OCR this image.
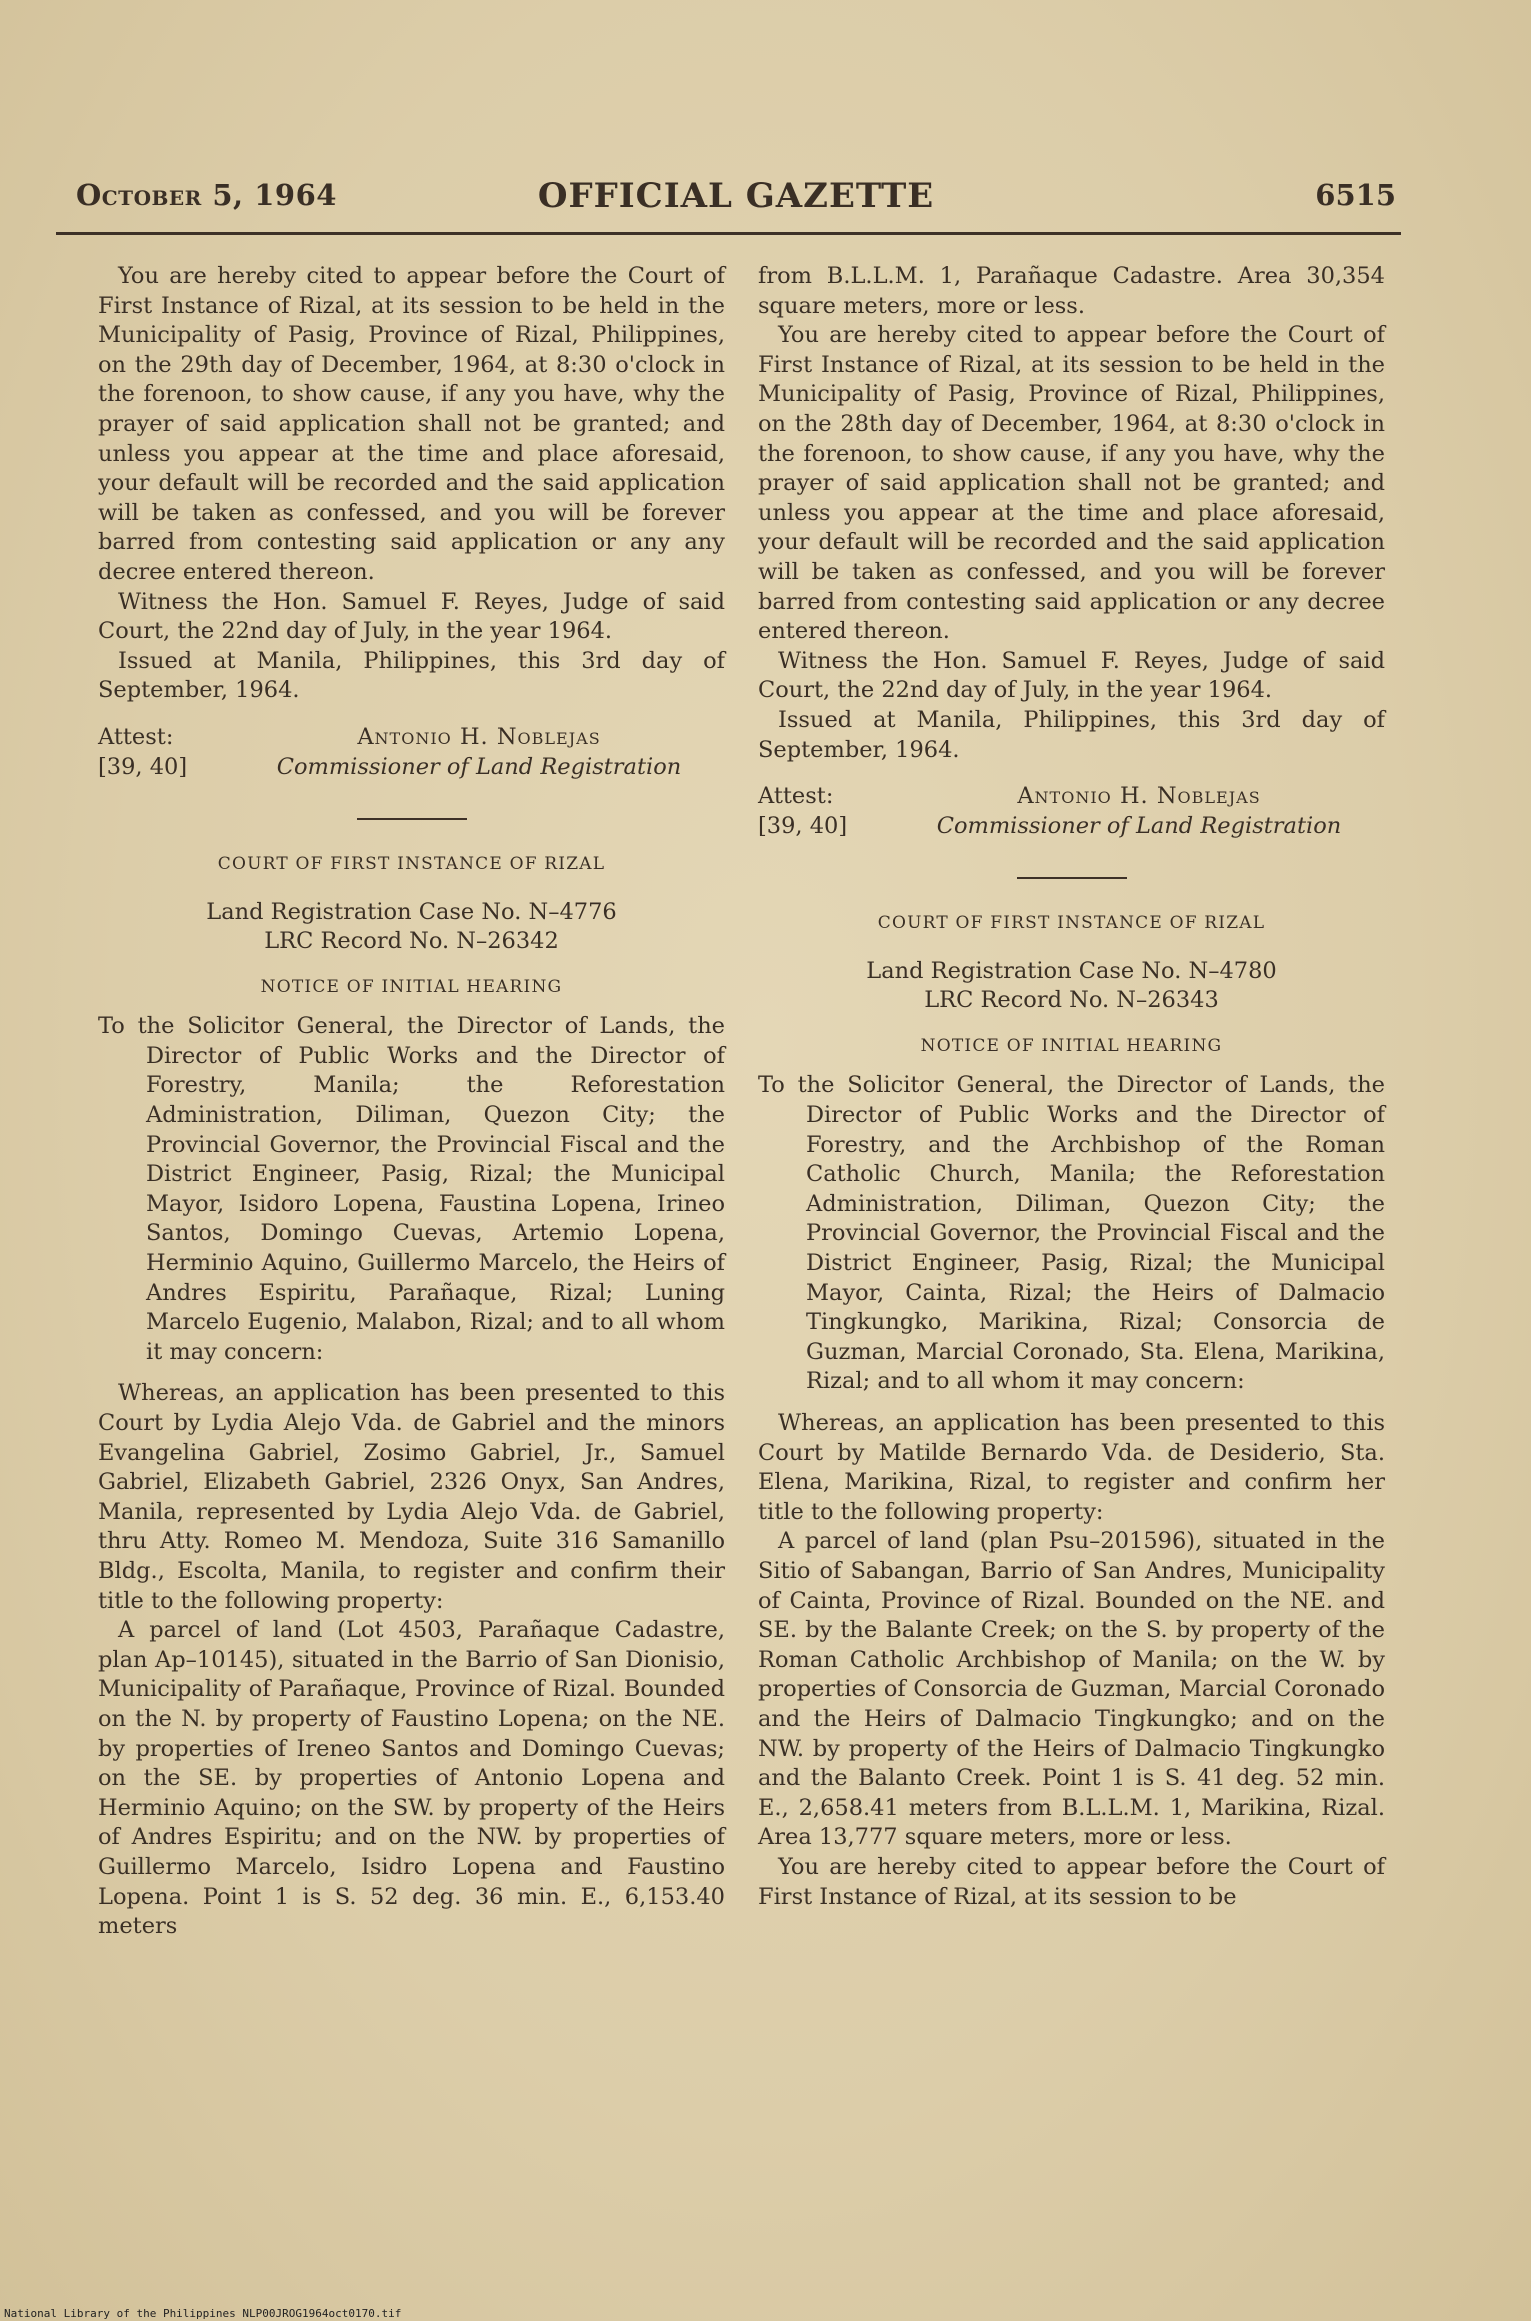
October 5, 1964	OFFICIAL GAZETTE	6515

You are hereby cited to appear before the Court of First Instance of Rizal, at its session to be held in the Municipality of Pasig, Province of Rizal, Philippines, on the 29th day of December, 1964, at 8:30 o'clock in the forenoon, to show cause, if any you have, why the prayer of said application shall not be granted; and unless you appear at the time and place aforesaid, your default will be recorded and the said application will be taken as confessed, and you will be forever barred from contesting said application or any any decree entered thereon.

Witness the Hon. Samuel F. Reyes, Judge of said Court, the 22nd day of July, in the year 1964.

Issued at Manila, Philippines, this 3rd day of September, 1964.

Attest:
[39, 40]
Antonio H. Noblejas
Commissioner of Land Registration
COURT OF FIRST INSTANCE OF RIZAL
Land Registration Case No. N–4776
LRC Record No. N–26342
NOTICE OF INITIAL HEARING

To the Solicitor General, the Director of Lands, the Director of Public Works and the Director of Forestry, Manila; the Reforestation Administration, Diliman, Quezon City; the Provincial Governor, the Provincial Fiscal and the District Engineer, Pasig, Rizal; the Municipal Mayor, Isidoro Lopena, Faustina Lopena, Irineo Santos, Domingo Cuevas, Artemio Lopena, Herminio Aquino, Guillermo Marcelo, the Heirs of Andres Espiritu, Parañaque, Rizal; Luning Marcelo Eugenio, Malabon, Rizal; and to all whom it may concern:

Whereas, an application has been presented to this Court by Lydia Alejo Vda. de Gabriel and the minors Evangelina Gabriel, Zosimo Gabriel, Jr., Samuel Gabriel, Elizabeth Gabriel, 2326 Onyx, San Andres, Manila, represented by Lydia Alejo Vda. de Gabriel, thru Atty. Romeo M. Mendoza, Suite 316 Samanillo Bldg., Escolta, Manila, to register and confirm their title to the following property:

A parcel of land (Lot 4503, Parañaque Cadastre, plan Ap–10145), situated in the Barrio of San Dionisio, Municipality of Parañaque, Province of Rizal. Bounded on the N. by property of Faustino Lopena; on the NE. by properties of Ireneo Santos and Domingo Cuevas; on the SE. by properties of Antonio Lopena and Herminio Aquino; on the SW. by property of the Heirs of Andres Espiritu; and on the NW. by properties of Guillermo Marcelo, Isidro Lopena and Faustino Lopena. Point 1 is S. 52 deg. 36 min. E., 6,153.40 meters

from B.L.L.M. 1, Parañaque Cadastre. Area 30,354 square meters, more or less.

You are hereby cited to appear before the Court of First Instance of Rizal, at its session to be held in the Municipality of Pasig, Province of Rizal, Philippines, on the 28th day of December, 1964, at 8:30 o'clock in the forenoon, to show cause, if any you have, why the prayer of said application shall not be granted; and unless you appear at the time and place aforesaid, your default will be recorded and the said application will be taken as confessed, and you will be forever barred from contesting said application or any decree entered thereon.

Witness the Hon. Samuel F. Reyes, Judge of said Court, the 22nd day of July, in the year 1964.

Issued at Manila, Philippines, this 3rd day of September, 1964.

Attest:
[39, 40]
Antonio H. Noblejas
Commissioner of Land Registration
COURT OF FIRST INSTANCE OF RIZAL
Land Registration Case No. N–4780
LRC Record No. N–26343
NOTICE OF INITIAL HEARING

To the Solicitor General, the Director of Lands, the Director of Public Works and the Director of Forestry, and the Archbishop of the Roman Catholic Church, Manila; the Reforestation Administration, Diliman, Quezon City; the Provincial Governor, the Provincial Fiscal and the District Engineer, Pasig, Rizal; the Municipal Mayor, Cainta, Rizal; the Heirs of Dalmacio Tingkungko, Marikina, Rizal; Consorcia de Guzman, Marcial Coronado, Sta. Elena, Marikina, Rizal; and to all whom it may concern:

Whereas, an application has been presented to this Court by Matilde Bernardo Vda. de Desiderio, Sta. Elena, Marikina, Rizal, to register and confirm her title to the following property:

A parcel of land (plan Psu–201596), situated in the Sitio of Sabangan, Barrio of San Andres, Municipality of Cainta, Province of Rizal. Bounded on the NE. and SE. by the Balante Creek; on the S. by property of the Roman Catholic Archbishop of Manila; on the W. by properties of Consorcia de Guzman, Marcial Coronado and the Heirs of Dalmacio Tingkungko; and on the NW. by property of the Heirs of Dalmacio Tingkungko and the Balanto Creek. Point 1 is S. 41 deg. 52 min. E., 2,658.41 meters from B.L.L.M. 1, Marikina, Rizal. Area 13,777 square meters, more or less.

You are hereby cited to appear before the Court of First Instance of Rizal, at its session to be

National Library of the Philippines NLP00JROG1964oct0170.tif
